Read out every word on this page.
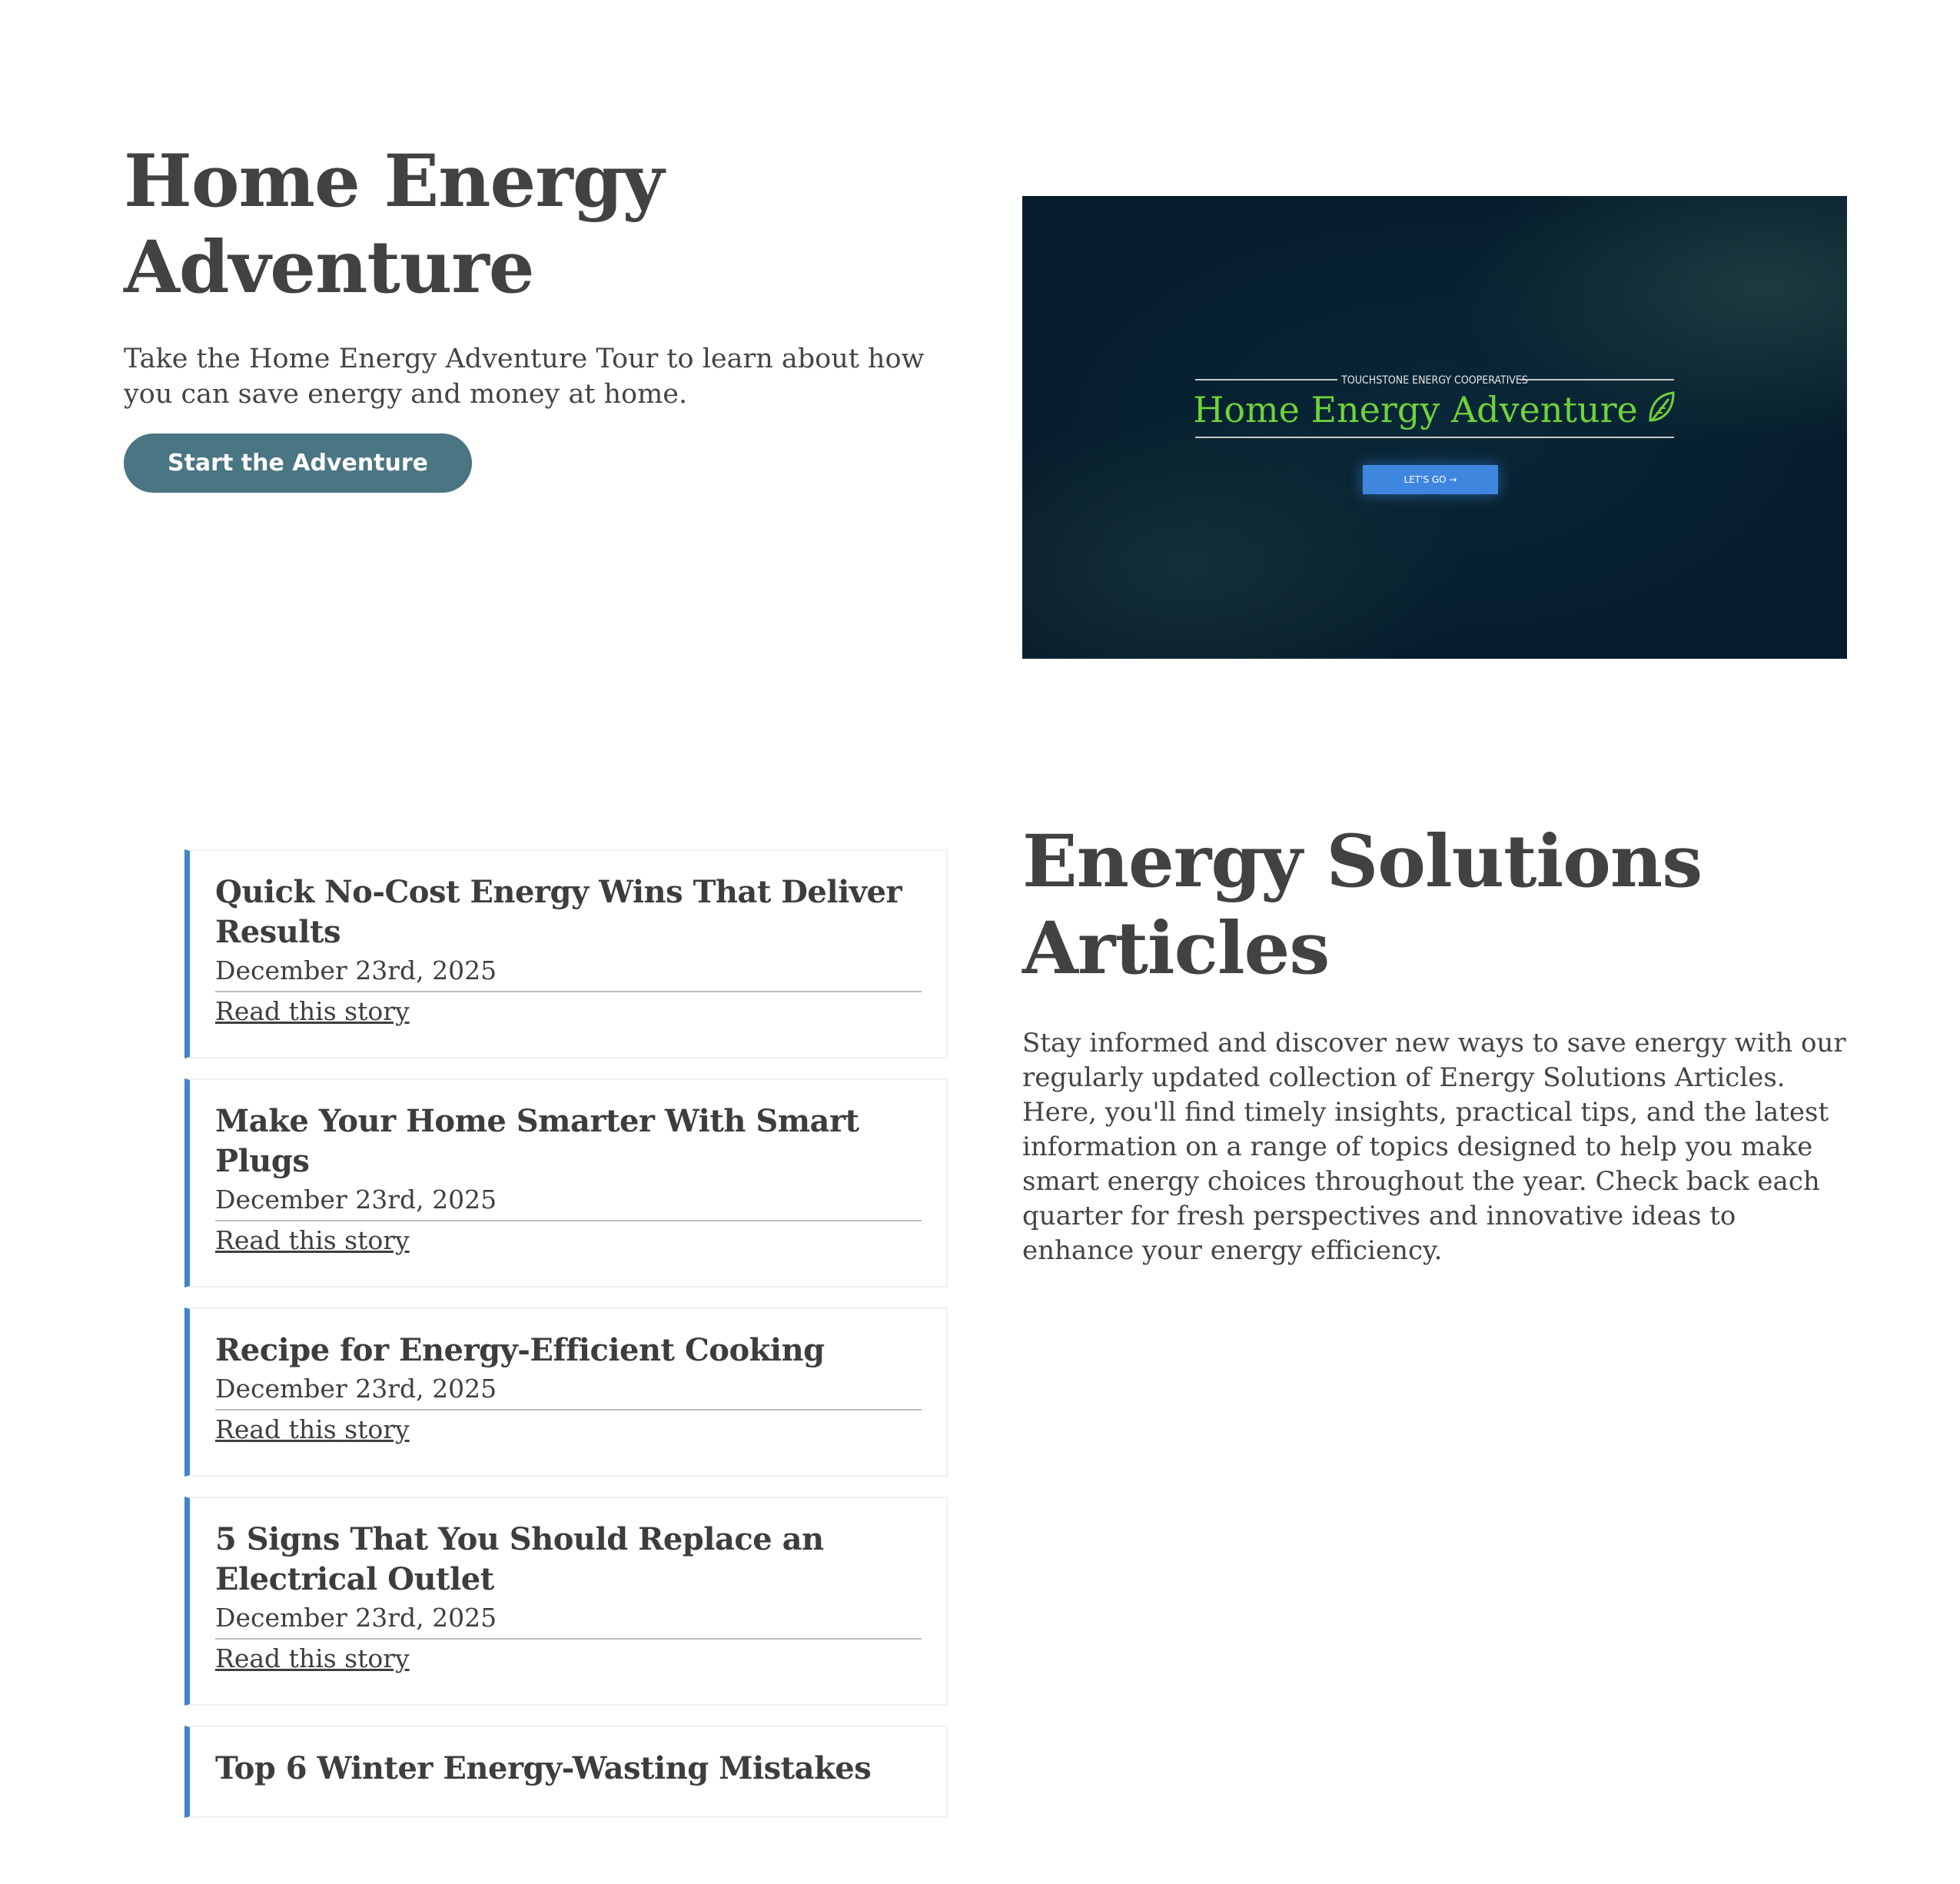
Home Energy
Adventure

Take the Home Energy Adventure Tour to learn about how you can save energy and money at home.

Start the Adventure
TOUCHSTONE ENERGY COOPERATIVES
Home Energy Adventure
LET'S GO →
Quick No-Cost Energy Wins That Deliver Results
December 23rd, 2025
Read this story
Make Your Home Smarter With Smart Plugs
December 23rd, 2025
Read this story
Recipe for Energy-Efficient Cooking
December 23rd, 2025
Read this story
5 Signs That You Should Replace an Electrical Outlet
December 23rd, 2025
Read this story
Top 6 Winter Energy-Wasting Mistakes
Energy Solutions
Articles

Stay informed and discover new ways to save energy with our regularly updated collection of Energy Solutions Articles. Here, you'll find timely insights, practical tips, and the latest information on a range of topics designed to help you make smart energy choices throughout the year. Check back each quarter for fresh perspectives and innovative ideas to enhance your energy efficiency.
